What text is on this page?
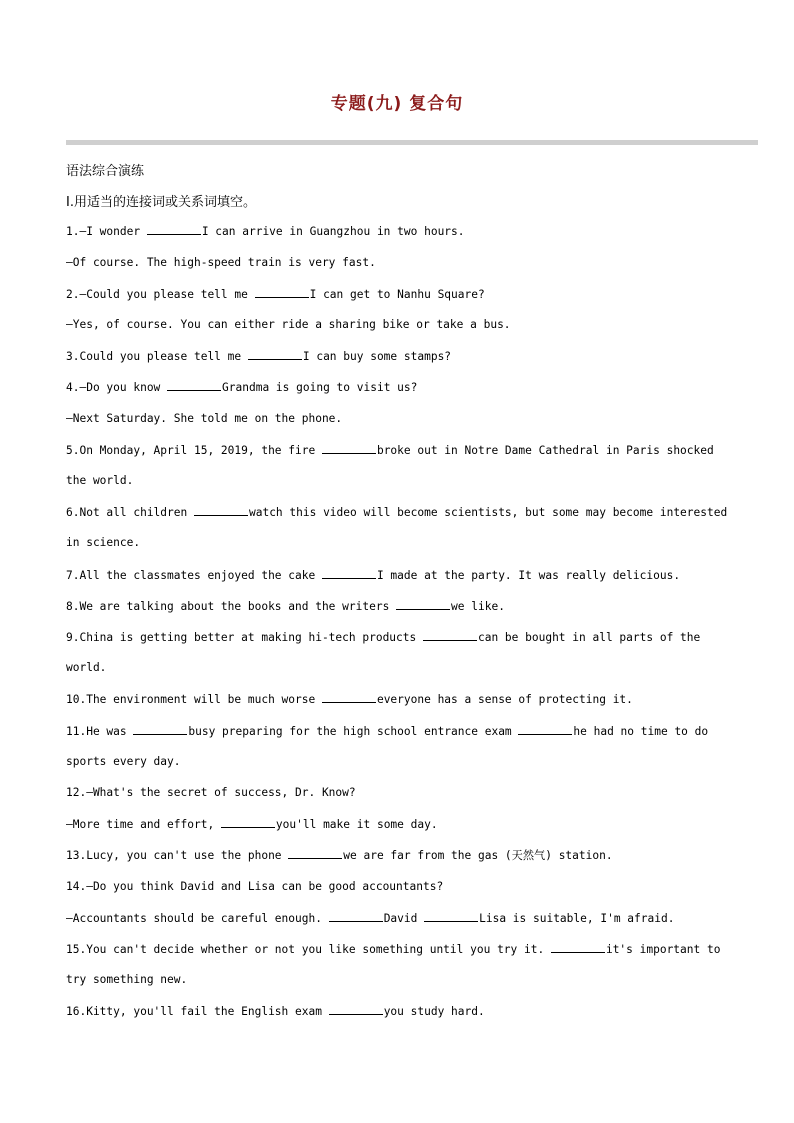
专题(九) 复合句
语法综合演练
Ⅰ.用适当的连接词或关系词填空。
1.—I wonder	I can arrive in Guangzhou in two hours.
—Of course. The high-speed train is very fast.
2.—Could you please tell me	I can get to Nanhu Square?
—Yes, of course. You can either ride a sharing bike or take a bus.
3.Could you please tell me	I can buy some stamps?
4.—Do you know	Grandma is going to visit us?
—Next Saturday. She told me on the phone.
5.On Monday, April 15, 2019, the fire	broke out in Notre Dame Cathedral in Paris shocked
the world.
6.Not all children	watch this video will become scientists, but some may become interested
in science.
7.All the classmates enjoyed the cake	I made at the party. It was really delicious.
8.We are talking about the books and the writers	we like.
9.China is getting better at making hi-tech products	can be bought in all parts of the
world.
10.The environment will be much worse	everyone has a sense of protecting it.
11.He was	busy preparing for the high school entrance exam	he had no time to do
sports every day.
12.—What's the secret of success, Dr. Know?
—More time and effort,	you'll make it some day.
13.Lucy, you can't use the phone	we are far from the gas (天然气) station.
14.—Do you think David and Lisa can be good accountants?
—Accountants should be careful enough.	David	Lisa is suitable, I'm afraid.
15.You can't decide whether or not you like something until you try it.	it's important to
try something new.
16.Kitty, you'll fail the English exam	you study hard.
